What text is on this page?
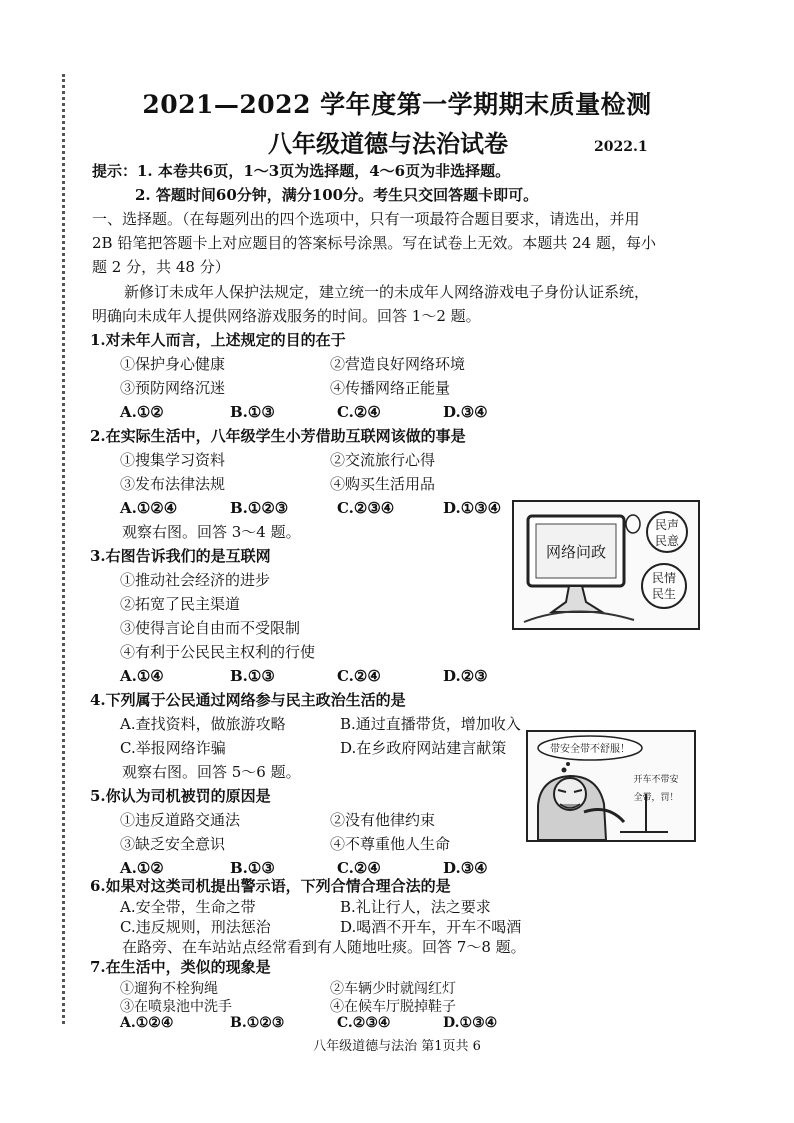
2021—2022 学年度第一学期期末质量检测
八年级道德与法治试卷	2022.1
提示：1. 本卷共6页，1～3页为选择题，4～6页为非选择题。
2. 答题时间60分钟，满分100分。考生只交回答题卡即可。
一、选择题。（在每题列出的四个选项中，只有一项最符合题目要求，请选出，并用
2B 铅笔把答题卡上对应题目的答案标号涂黑。写在试卷上无效。本题共 24 题，每小
题 2 分，共 48 分）
新修订未成年人保护法规定，建立统一的未成年人网络游戏电子身份认证系统，
明确向未成年人提供网络游戏服务的时间。回答 1～2 题。
1.对未年人而言，上述规定的目的在于
①保护身心健康	②营造良好网络环境
③预防网络沉迷	④传播网络正能量
A.①②	B.①③	C.②④	D.③④
2.在实际生活中，八年级学生小芳借助互联网该做的事是
①搜集学习资料	②交流旅行心得
③发布法律法规	④购买生活用品
A.①②④	B.①②③	C.②③④	D.①③④
观察右图。回答 3～4 题。
3.右图告诉我们的是互联网
①推动社会经济的进步
②拓宽了民主渠道
③使得言论自由而不受限制
④有利于公民民主权利的行使
A.①④	B.①③	C.②④	D.②③
网络问政
民声
民意
民情
民生
4.下列属于公民通过网络参与民主政治生活的是
A.查找资料，做旅游攻略	B.通过直播带货，增加收入
C.举报网络诈骗	D.在乡政府网站建言献策
观察右图。回答 5～6 题。
带安全带不舒服！
开车不带安
全带，罚！
5.你认为司机被罚的原因是
①违反道路交通法	②没有他律约束
③缺乏安全意识	④不尊重他人生命
A.①②	B.①③	C.②④	D.③④
6.如果对这类司机提出警示语，下列合情合理合法的是
A.安全带，生命之带	B.礼让行人，法之要求
C.违反规则，刑法惩治	D.喝酒不开车，开车不喝酒
在路旁、在车站站点经常看到有人随地吐痰。回答 7～8 题。
7.在生活中，类似的现象是
①遛狗不栓狗绳	②车辆少时就闯红灯
八年级道德与法治 第1页共 6
③在喷泉池中洗手	④在候车厅脱掉鞋子
A.①②④	B.①②③	C.②③④	D.①③④
